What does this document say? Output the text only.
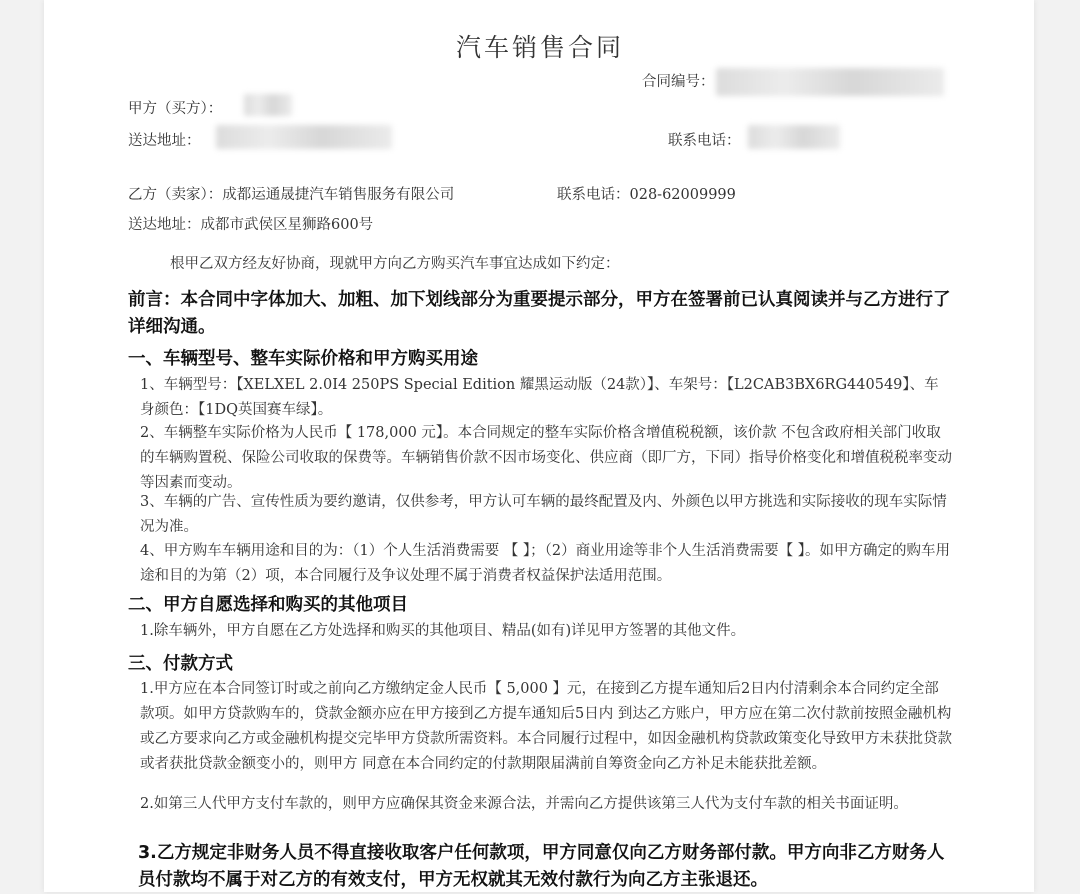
汽车销售合同
合同编号：
甲方（买方）：
送达地址：	联系电话：
乙方（卖家）：成都运通晟捷汽车销售服务有限公司	联系电话：028-62009999
送达地址：成都市武侯区星狮路600号
根甲乙双方经友好协商，现就甲方向乙方购买汽车事宜达成如下约定：
前言：本合同中字体加大、加粗、加下划线部分为重要提示部分，甲方在签署前已认真阅读并与乙方进行了详细沟通。
一、车辆型号、整车实际价格和甲方购买用途
1、车辆型号：【XELXEL 2.0I4 250PS Special Edition 耀黑运动版（24款）】、车架号：【L2CAB3BX6RG440549】、车身颜色：【1DQ英国赛车绿】。
2、车辆整车实际价格为人民币【 178,000 元】。本合同规定的整车实际价格含增值税税额，该价款 不包含政府相关部门收取的车辆购置税、保险公司收取的保费等。车辆销售价款不因市场变化、供应商（即厂方，下同）指导价格变化和增值税税率变动等因素而变动。
3、车辆的广告、宣传性质为要约邀请，仅供参考，甲方认可车辆的最终配置及内、外颜色以甲方挑选和实际接收的现车实际情况为准。
4、甲方购车车辆用途和目的为：（1）个人生活消费需要 【 】；（2）商业用途等非个人生活消费需要【 】。如甲方确定的购车用途和目的为第（2）项，本合同履行及争议处理不属于消费者权益保护法适用范围。
二、甲方自愿选择和购买的其他项目
1.除车辆外，甲方自愿在乙方处选择和购买的其他项目、精品(如有)详见甲方签署的其他文件。
三、付款方式
1.甲方应在本合同签订时或之前向乙方缴纳定金人民币【 5,000 】元，在接到乙方提车通知后2日内付清剩余本合同约定全部款项。如甲方贷款购车的，贷款金额亦应在甲方接到乙方提车通知后5日内 到达乙方账户，甲方应在第二次付款前按照金融机构或乙方要求向乙方或金融机构提交完毕甲方贷款所需资料。本合同履行过程中，如因金融机构贷款政策变化导致甲方未获批贷款或者获批贷款金额变小的，则甲方 同意在本合同约定的付款期限届满前自筹资金向乙方补足未能获批差额。
2.如第三人代甲方支付车款的，则甲方应确保其资金来源合法，并需向乙方提供该第三人代为支付车款的相关书面证明。
3.乙方规定非财务人员不得直接收取客户任何款项，甲方同意仅向乙方财务部付款。甲方向非乙方财务人员付款均不属于对乙方的有效支付，甲方无权就其无效付款行为向乙方主张退还。
